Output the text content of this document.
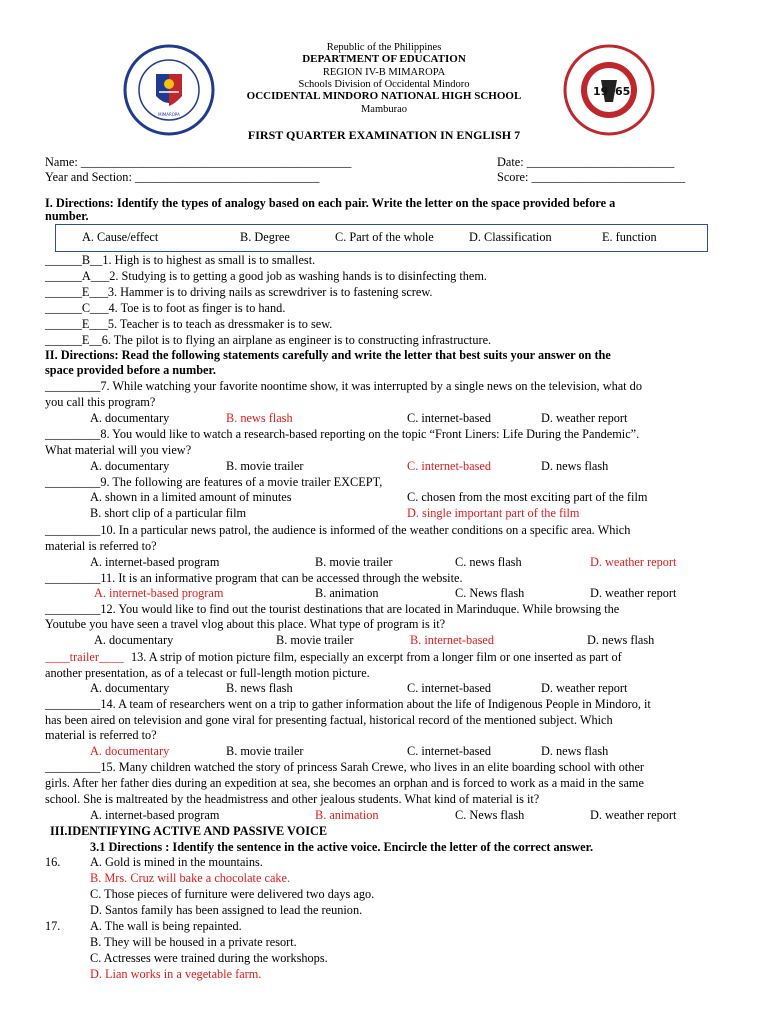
MIMAROPA
19 65
Republic of the Philippines
DEPARTMENT OF EDUCATION
REGION IV-B MIMAROPA
Schools Division of Occidental Mindoro
OCCIDENTAL MINDORO NATIONAL HIGH SCHOOL
Mamburao
FIRST QUARTER EXAMINATION IN ENGLISH 7
Name: ____________________________________________
Year and Section: ______________________________
Date: ________________________
Score: _________________________
I. Directions: Identify the types of analogy based on each pair. Write the letter on the space provided before a
number.
A. Cause/effect	B. Degree	C. Part of the whole	D. Classification	E. function
______B__1. High is to highest as small is to smallest.
______A___2. Studying is to getting a good job as washing hands is to disinfecting them.
______E___3. Hammer is to driving nails as screwdriver is to fastening screw.
______C___4. Toe is to foot as finger is to hand.
______E___5. Teacher is to teach as dressmaker is to sew.
______E__6. The pilot is to flying an airplane as engineer is to constructing infrastructure.
II. Directions: Read the following statements carefully and write the letter that best suits your answer on the
space provided before a number.
_________7. While watching your favorite noontime show, it was interrupted by a single news on the television, what do
you call this program?
A. documentary	B. news flash	C. internet-based	D. weather report
_________8. You would like to watch a research-based reporting on the topic “Front Liners: Life During the Pandemic”.
What material will you view?
A. documentary	B. movie trailer	C. internet-based	D. news flash
_________9. The following are features of a movie trailer EXCEPT,
A. shown in a limited amount of minutes	C. chosen from the most exciting part of the film
B. short clip of a particular film	D. single important part of the film
_________10. In a particular news patrol, the audience is informed of the weather conditions on a specific area. Which
material is referred to?
A. internet-based program	B. movie trailer	C. news flash	D. weather report
_________11. It is an informative program that can be accessed through the website.
A. internet-based program	B. animation	C. News flash	D. weather report
_________12. You would like to find out the tourist destinations that are located in Marinduque. While browsing the
Youtube you have seen a travel vlog about this place. What type of program is it?
A. documentary	B. movie trailer	B. internet-based	D. news flash
____trailer____ 13. A strip of motion picture film, especially an excerpt from a longer film or one inserted as part of
another presentation, as of a telecast or full-length motion picture.
A. documentary	B. news flash	C. internet-based	D. weather report
_________14. A team of researchers went on a trip to gather information about the life of Indigenous People in Mindoro, it
has been aired on television and gone viral for presenting factual, historical record of the mentioned subject. Which
material is referred to?
A. documentary	B. movie trailer	C. internet-based	D. news flash
_________15. Many children watched the story of princess Sarah Crewe, who lives in an elite boarding school with other
girls. After her father dies during an expedition at sea, she becomes an orphan and is forced to work as a maid in the same
school. She is maltreated by the headmistress and other jealous students. What kind of material is it?
A. internet-based program	B. animation	C. News flash	D. weather report
III.IDENTIFYING ACTIVE AND PASSIVE VOICE
3.1 Directions : Identify the sentence in the active voice. Encircle the letter of the correct answer.
16. A. Gold is mined in the mountains.
B. Mrs. Cruz will bake a chocolate cake.
C. Those pieces of furniture were delivered two days ago.
D. Santos family has been assigned to lead the reunion.
17. A. The wall is being repainted.
B. They will be housed in a private resort.
C. Actresses were trained during the workshops.
D. Lian works in a vegetable farm.
